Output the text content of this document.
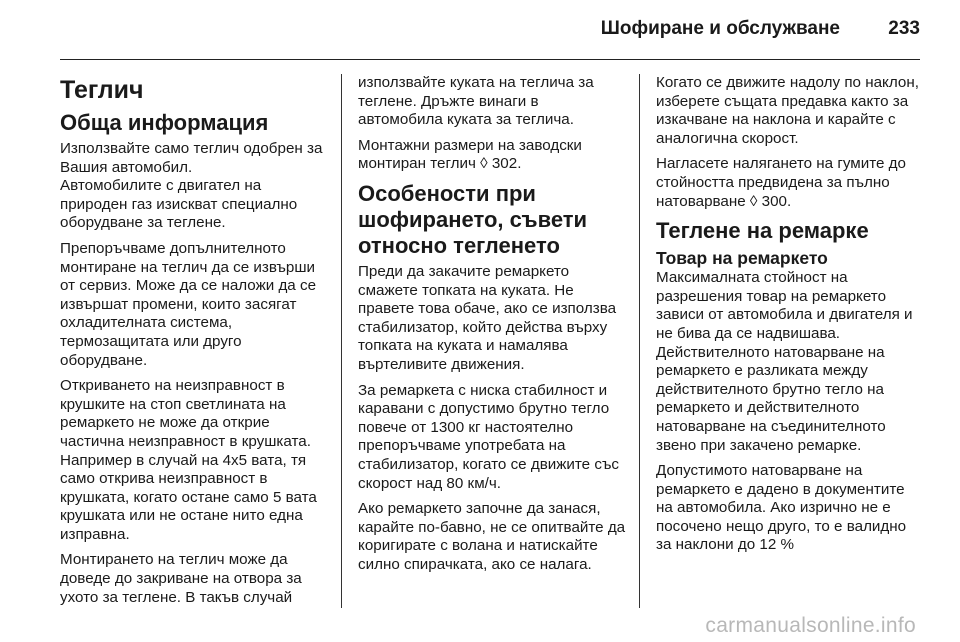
Шофиране и обслужване	233
Теглич
Обща информация

Използвайте само теглич одобрен за Вашия автомобил.
Автомобилите с двигател на природен газ изискват специално оборудване за теглене.

Препоръчваме допълнителното монтиране на теглич да се извърши от сервиз. Може да се наложи да се извършат промени, които засягат охладителната система, термозащитата или друго оборудване.

Откриването на неизправност в крушките на стоп светлината на ремаркето не може да открие частична неизправност в крушката. Например в случай на 4x5 вата, тя само открива неизправност в крушката, когато остане само 5 вата крушката или не остане нито една изправна.

Монтирането на теглич може да доведе до закриване на отвора за ухото за теглене. В такъв случай

използвайте куката на теглича за теглене. Дръжте винаги в автомобила куката за теглича.

Монтажни размери на заводски монтиран теглич ◊ 302.

Особености при шофирането, съвети относно тегленето

Преди да закачите ремаркето смажете топката на куката. Не правете това обаче, ако се използва стабилизатор, който действа върху топката на куката и намалява въртеливите движения.

За ремаркета с ниска стабилност и каравани с допустимо брутно тегло повече от 1300 кг настоятелно препоръчваме употребата на стабилизатор, когато се движите със скорост над 80 км/ч.

Ако ремаркето започне да занася, карайте по-бавно, не се опитвайте да коригирате с волана и натискайте силно спирачката, ако се налага.

Когато се движите надолу по наклон, изберете същата предавка както за изкачване на наклона и карайте с аналогична скорост.

Нагласете налягането на гумите до стойността предвидена за пълно натоварване ◊ 300.

Теглене на ремарке
Товар на ремаркето

Максималната стойност на разрешения товар на ремаркето зависи от автомобила и двигателя и не бива да се надвишава.
Действителното натоварване на ремаркето е разликата между действителното брутно тегло на ремаркето и действителното натоварване на съединителното звено при закачено ремарке.

Допустимото натоварване на ремаркето е дадено в документите на автомобила. Ако изрично не е посочено нещо друго, то е валидно за наклони до 12 %

carmanualsonline.info
